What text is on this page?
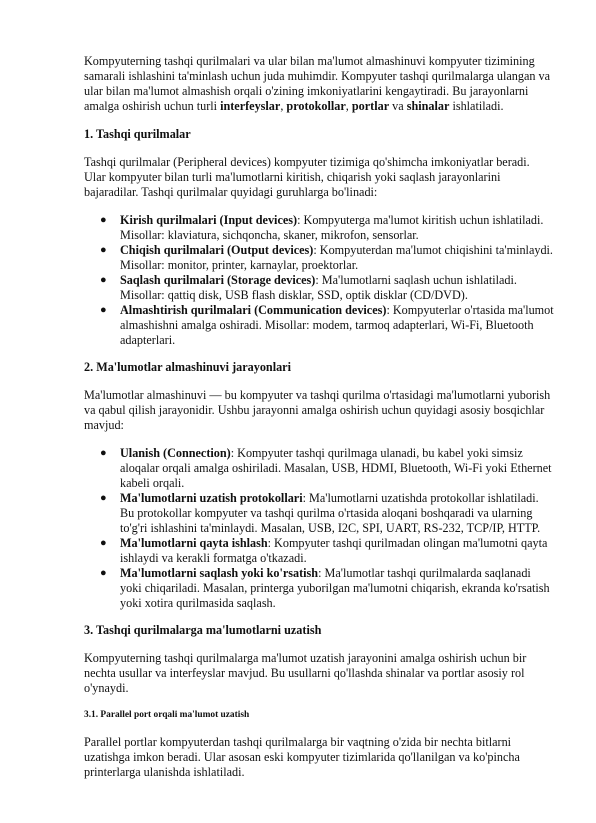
Kompyuterning tashqi qurilmalari va ular bilan ma'lumot almashinuvi kompyuter tizimining samarali ishlashini ta'minlash uchun juda muhimdir. Kompyuter tashqi qurilmalarga ulangan va ular bilan ma'lumot almashish orqali o'zining imkoniyatlarini kengaytiradi. Bu jarayonlarni amalga oshirish uchun turli interfeyslar, protokollar, portlar va shinalar ishlatiladi.

1. Tashqi qurilmalar

Tashqi qurilmalar (Peripheral devices) kompyuter tizimiga qo'shimcha imkoniyatlar beradi. Ular kompyuter bilan turli ma'lumotlarni kiritish, chiqarish yoki saqlash jarayonlarini bajaradilar. Tashqi qurilmalar quyidagi guruhlarga bo'linadi:

● Kirish qurilmalari (Input devices): Kompyuterga ma'lumot kiritish uchun ishlatiladi. Misollar: klaviatura, sichqoncha, skaner, mikrofon, sensorlar.
● Chiqish qurilmalari (Output devices): Kompyuterdan ma'lumot chiqishini ta'minlaydi. Misollar: monitor, printer, karnaylar, proektorlar.
● Saqlash qurilmalari (Storage devices): Ma'lumotlarni saqlash uchun ishlatiladi. Misollar: qattiq disk, USB flash disklar, SSD, optik disklar (CD/DVD).
● Almashtirish qurilmalari (Communication devices): Kompyuterlar o'rtasida ma'lumot almashishni amalga oshiradi. Misollar: modem, tarmoq adapterlari, Wi-Fi, Bluetooth adapterlari.
2. Ma'lumotlar almashinuvi jarayonlari

Ma'lumotlar almashinuvi — bu kompyuter va tashqi qurilma o'rtasidagi ma'lumotlarni yuborish va qabul qilish jarayonidir. Ushbu jarayonni amalga oshirish uchun quyidagi asosiy bosqichlar mavjud:

● Ulanish (Connection): Kompyuter tashqi qurilmaga ulanadi, bu kabel yoki simsiz aloqalar orqali amalga oshiriladi. Masalan, USB, HDMI, Bluetooth, Wi-Fi yoki Ethernet kabeli orqali.
● Ma'lumotlarni uzatish protokollari: Ma'lumotlarni uzatishda protokollar ishlatiladi. Bu protokollar kompyuter va tashqi qurilma o'rtasida aloqani boshqaradi va ularning to'g'ri ishlashini ta'minlaydi. Masalan, USB, I2C, SPI, UART, RS-232, TCP/IP, HTTP.
● Ma'lumotlarni qayta ishlash: Kompyuter tashqi qurilmadan olingan ma'lumotni qayta ishlaydi va kerakli formatga o'tkazadi.
● Ma'lumotlarni saqlash yoki ko'rsatish: Ma'lumotlar tashqi qurilmalarda saqlanadi yoki chiqariladi. Masalan, printerga yuborilgan ma'lumotni chiqarish, ekranda ko'rsatish yoki xotira qurilmasida saqlash.
3. Tashqi qurilmalarga ma'lumotlarni uzatish

Kompyuterning tashqi qurilmalarga ma'lumot uzatish jarayonini amalga oshirish uchun bir nechta usullar va interfeyslar mavjud. Bu usullarni qo'llashda shinalar va portlar asosiy rol o'ynaydi.

3.1. Parallel port orqali ma'lumot uzatish

Parallel portlar kompyuterdan tashqi qurilmalarga bir vaqtning o'zida bir nechta bitlarni uzatishga imkon beradi. Ular asosan eski kompyuter tizimlarida qo'llanilgan va ko'pincha printerlarga ulanishda ishlatiladi.
